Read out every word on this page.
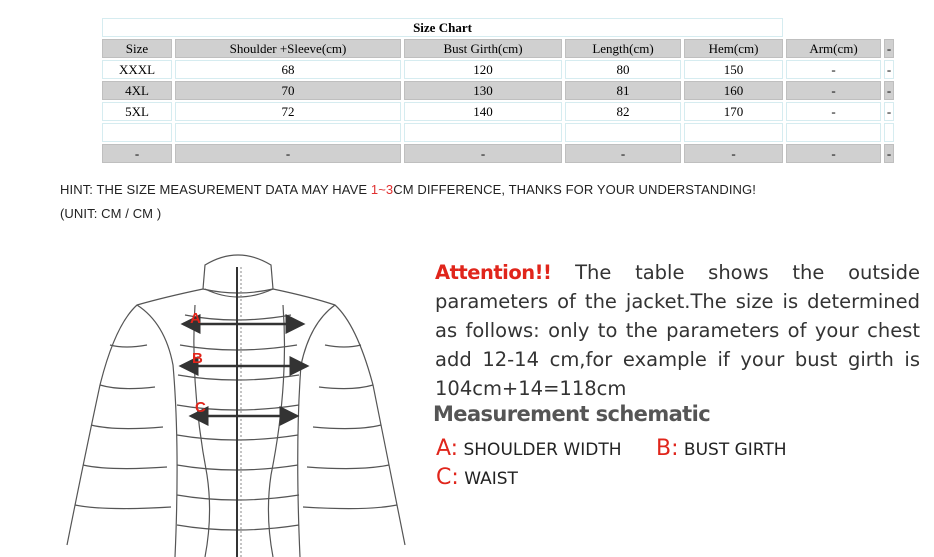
Size Chart						
Size	Shoulder +Sleeve(cm)	Bust Girth(cm)	Length(cm)	Hem(cm)	Arm(cm)	-
XXXL	68	120	80	150	-	-
4XL	70	130	81	160	-	-
5XL	72	140	82	170	-	-

-	-	-	-	-	-	-
HINT: THE SIZE MEASUREMENT DATA MAY HAVE 1~3CM DIFFERENCE, THANKS FOR YOUR UNDERSTANDING!
(UNIT: CM / CM )
A
B
C
Attention!! The table shows the outside parameters of the jacket.The size is determined as follows: only to the parameters of your chest add 12-14 cm,for example if your bust girth is 104cm+14=118cm
Measurement schematic
A: SHOULDER WIDTH B: BUST GIRTH
C: WAIST
